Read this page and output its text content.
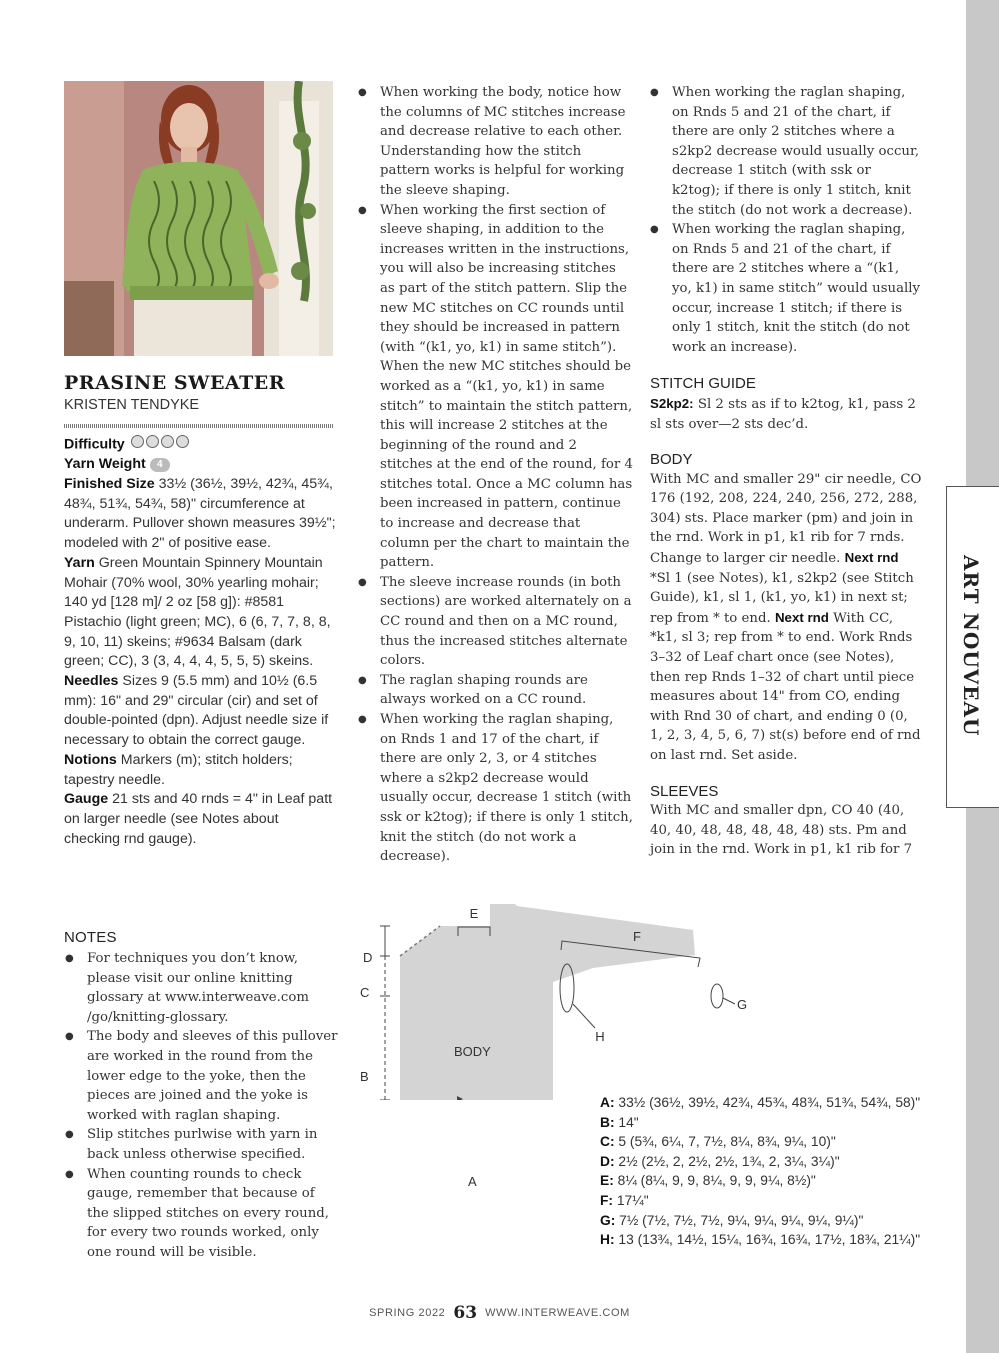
PRASINE SWEATER
KRISTEN TENDYKE
Difficulty
Yarn Weight 4
Finished Size 33½ (36½, 39½, 42¾, 45¾, 48¾, 51¾, 54¾, 58)" circumference at underarm. Pullover shown measures 39½"; modeled with 2" of positive ease.
Yarn Green Mountain Spinnery Mountain Mohair (70% wool, 30% yearling mohair; 140 yd [128 m]/ 2 oz [58 g]): #8581 Pistachio (light green; MC), 6 (6, 7, 7, 8, 8, 9, 10, 11) skeins; #9634 Balsam (dark green; CC), 3 (3, 4, 4, 4, 5, 5, 5) skeins.
Needles Sizes 9 (5.5 mm) and 10½ (6.5 mm): 16" and 29" circular (cir) and set of double-pointed (dpn). Adjust needle size if necessary to obtain the correct gauge.
Notions Markers (m); stitch holders; tapestry needle.
Gauge 21 sts and 40 rnds = 4" in Leaf patt on larger needle (see Notes about checking rnd gauge).
NOTES
● For techniques you don’t know, please visit our online knitting glossary at www.interweave.com /go/knitting-glossary.
● The body and sleeves of this pullover are worked in the round from the lower edge to the yoke, then the pieces are joined and the yoke is worked with raglan shaping.
● Slip stitches purlwise with yarn in back unless otherwise specified.
● When counting rounds to check gauge, remember that because of the slipped stitches on every round, for every two rounds worked, only one round will be visible.
● When working the body, notice how the columns of MC stitches increase and decrease relative to each other. Understanding how the stitch pattern works is helpful for working the sleeve shaping.
● When working the first section of sleeve shaping, in addition to the increases written in the instructions, you will also be increasing stitches as part of the stitch pattern. Slip the new MC stitches on CC rounds until they should be increased in pattern (with “(k1, yo, k1) in same stitch”). When the new MC stitches should be worked as a “(k1, yo, k1) in same stitch” to maintain the stitch pattern, this will increase 2 stitches at the beginning of the round and 2 stitches at the end of the round, for 4 stitches total. Once a MC column has been increased in pattern, continue to increase and decrease that column per the chart to maintain the pattern.
● The sleeve increase rounds (in both sections) are worked alternately on a CC round and then on a MC round, thus the increased stitches alternate colors.
● The raglan shaping rounds are always worked on a CC round.
● When working the raglan shaping, on Rnds 1 and 17 of the chart, if there are only 2, 3, or 4 stitches where a s2kp2 decrease would usually occur, decrease 1 stitch (with ssk or k2tog); if there is only 1 stitch, knit the stitch (do not work a decrease).
● When working the raglan shaping, on Rnds 5 and 21 of the chart, if there are only 2 stitches where a s2kp2 decrease would usually occur, decrease 1 stitch (with ssk or k2tog); if there is only 1 stitch, knit the stitch (do not work a decrease).
● When working the raglan shaping, on Rnds 5 and 21 of the chart, if there are 2 stitches where a “(k1, yo, k1) in same stitch” would usually occur, increase 1 stitch; if there is only 1 stitch, knit the stitch (do not work an increase).
STITCH GUIDE
S2kp2: Sl 2 sts as if to k2tog, k1, pass 2 sl sts over—2 sts dec’d.
BODY
With MC and smaller 29" cir needle, CO 176 (192, 208, 224, 240, 256, 272, 288, 304) sts. Place marker (pm) and join in the rnd. Work in p1, k1 rib for 7 rnds. Change to larger cir needle. Next rnd *Sl 1 (see Notes), k1, s2kp2 (see Stitch Guide), k1, sl 1, (k1, yo, k1) in next st; rep from * to end. Next rnd With CC, *k1, sl 3; rep from * to end. Work Rnds 3–32 of Leaf chart once (see Notes), then rep Rnds 1–32 of chart until piece measures about 14" from CO, ending with Rnd 30 of chart, and ending 0 (0, 1, 2, 3, 4, 5, 6, 7) st(s) before end of rnd on last rnd. Set aside.
SLEEVES
With MC and smaller dpn, CO 40 (40, 40, 40, 48, 48, 48, 48, 48) sts. Pm and join in the rnd. Work in p1, k1 rib for 7
ART NOUVEAU
E
F
G
H
D
C
B
BODY
A
A: 33½ (36½, 39½, 42¾, 45¾, 48¾, 51¾, 54¾, 58)"
B: 14"
C: 5 (5¾, 6¼, 7, 7½, 8¼, 8¾, 9¼, 10)"
D: 2½ (2½, 2, 2½, 2½, 1¾, 2, 3¼, 3¼)"
E: 8¼ (8¼, 9, 9, 8¼, 9, 9, 9¼, 8½)"
F: 17¼"
G: 7½ (7½, 7½, 7½, 9¼, 9¼, 9¼, 9¼, 9¼)"
H: 13 (13¾, 14½, 15¼, 16¾, 16¾, 17½, 18¾, 21¼)"
SPRING 2022 63 WWW.INTERWEAVE.COM
